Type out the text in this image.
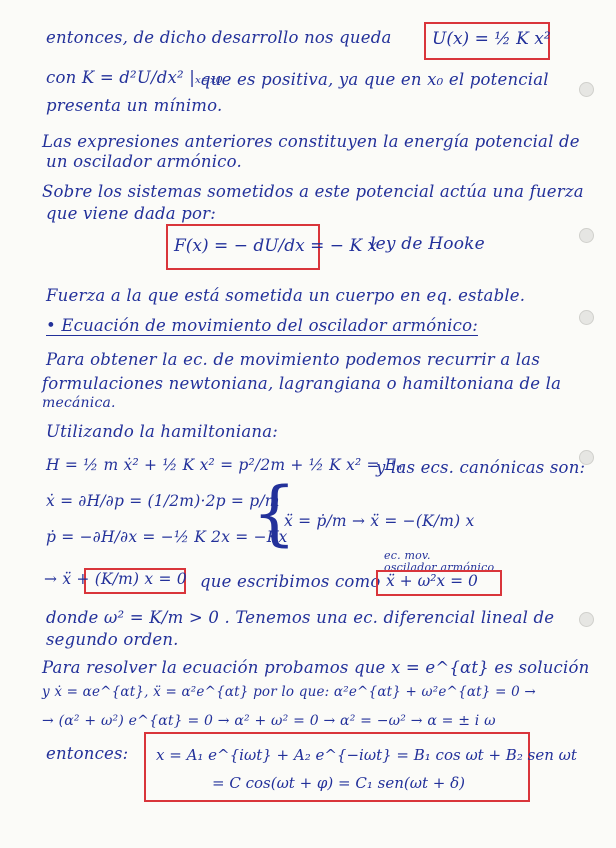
entonces, de dicho desarrollo nos queda U(x) = ½ K x²
con K = d²U/dx² |ₓ₌ₓ₀
que es positiva, ya que en x₀ el potencial
presenta un mínimo.
Las expresiones anteriores constituyen la energía potencial de
un oscilador armónico.
Sobre los sistemas sometidos a este potencial actúa una fuerza
que viene dada por:
F(x) = − dU/dx = − K x
ley de Hooke
Fuerza a la que está sometida un cuerpo en eq. estable.
• Ecuación de movimiento del oscilador armónico:
Para obtener la ec. de movimiento podemos recurrir a las
formulaciones newtoniana, lagrangiana o hamiltoniana de la
mecánica.
Utilizando la hamiltoniana:
H = ½ m ẋ² + ½ K x² = p²/2m + ½ K x² = Eₘ
y las ecs. canónicas son:
ẋ = ∂H/∂p = (1/2m)·2p = p/m
ṗ = −∂H/∂x = −½ K 2x = −Kx
{
ẍ = ṗ/m → ẍ = −(K/m) x
ec. mov.
oscilador armónico
→ ẍ + (K/m) x = 0 que escribimos como ẍ + ω²x = 0
donde ω² = K/m > 0 . Tenemos una ec. diferencial lineal de
segundo orden.
Para resolver la ecuación probamos que x = e^{αt} es solución
y ẋ = αe^{αt}, ẍ = α²e^{αt} por lo que: α²e^{αt} + ω²e^{αt} = 0 →
→ (α² + ω²) e^{αt} = 0 → α² + ω² = 0 → α² = −ω² → α = ± i ω
entonces: x = A₁ e^{iωt} + A₂ e^{−iωt} = B₁ cos ωt + B₂ sen ωt
= C cos(ωt + φ) = C₁ sen(ωt + δ)
